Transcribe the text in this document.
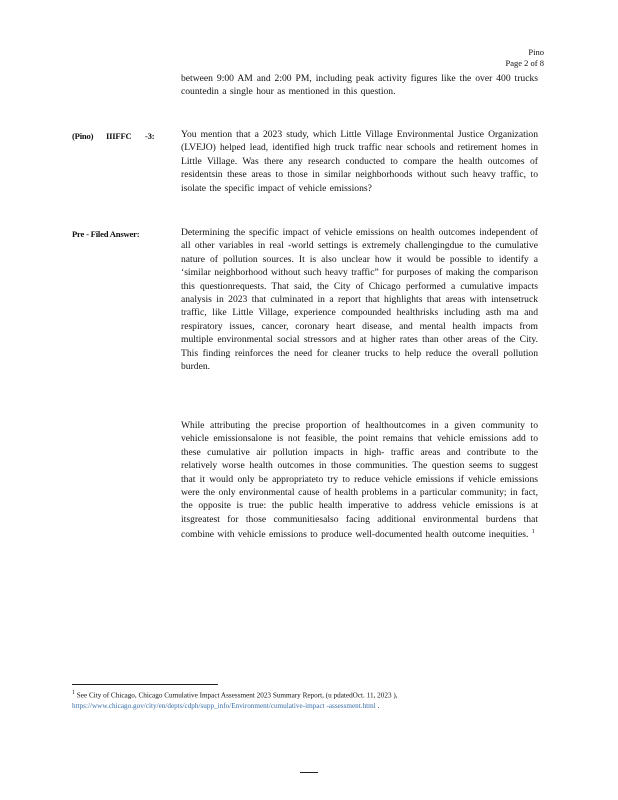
Pino
Page 2 of 8
between 9:00 AM and 2:00 PM, including peak activity figures like the over 400 trucks countedin a single hour as mentioned in this question.
(Pino) IIIFFC -3:	You mention that a 2023 study, which Little Village Environmental Justice Organization (LVEJO) helped lead, identified high truck traffic near schools and retirement homes in Little Village. Was there any research conducted to compare the health outcomes of residentsin these areas to those in similar neighborhoods without such heavy traffic, to isolate the specific impact of vehicle emissions?
Pre - Filed Answer:	Determining the specific impact of vehicle emissions on health outcomes independent of all other variables in real -world settings is extremely challengingdue to the cumulative nature of pollution sources. It is also unclear how it would be possible to identify a ‘similar neighborhood without such heavy traffic” for purposes of making the comparison this questionrequests. That said, the City of Chicago performed a cumulative impacts analysis in 2023 that culminated in a report that highlights that areas with intensetruck traffic, like Little Village, experience compounded healthrisks including asth ma and respiratory issues, cancer, coronary heart disease, and mental health impacts from multiple environmental social stressors and at higher rates than other areas of the City. This finding reinforces the need for cleaner trucks to help reduce the overall pollution burden.
While attributing the precise proportion of healthoutcomes in a given community to vehicle emissionsalone is not feasible, the point remains that vehicle emissions add to these cumulative air pollution impacts in high- traffic areas and contribute to the relatively worse health outcomes in those communities. The question seems to suggest that it would only be appropriateto try to reduce vehicle emissions if vehicle emissions were the only environmental cause of health problems in a particular community; in fact, the opposite is true: the public health imperative to address vehicle emissions is at itsgreatest for those communitiesalso facing additional environmental burdens that combine with vehicle emissions to produce well-documented health outcome inequities. $^1$
$^1$ See City of Chicago, Chicago Cumulative Impact Assessment 2023 Summary Report, (u pdatedOct. 11, 2023 ),
https://www.chicago.gov/city/en/depts/cdph/supp_info/Environment/cumulative-impact -assessment.html .
